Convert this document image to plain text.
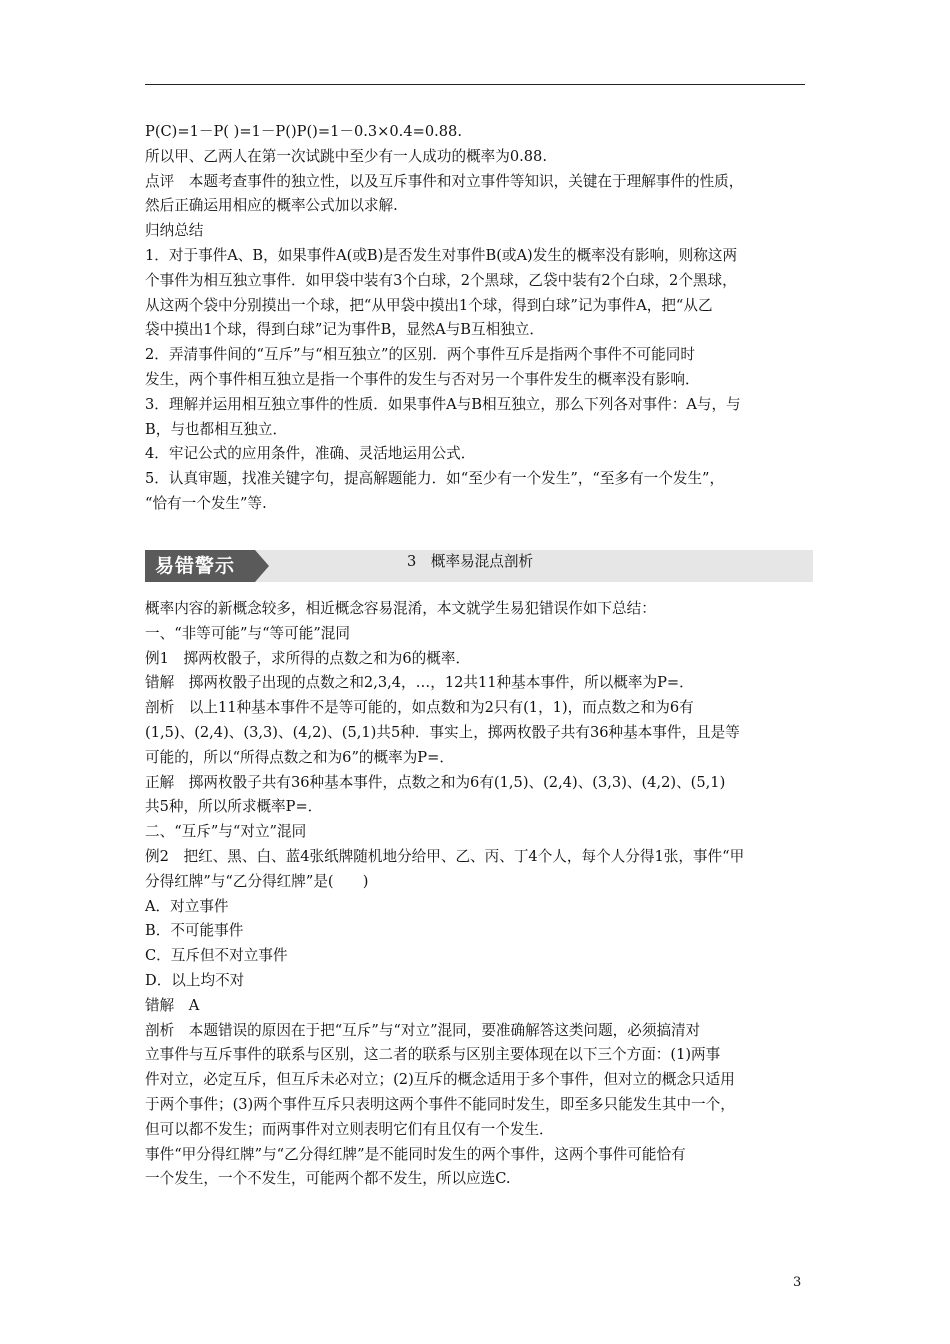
P(C)=1－P( )=1－P()P()=1－0.3×0.4=0.88.
所以甲、乙两人在第一次试跳中至少有一人成功的概率为0.88.
点评　本题考查事件的独立性，以及互斥事件和对立事件等知识，关键在于理解事件的性质，
然后正确运用相应的概率公式加以求解.
归纳总结
1．对于事件A、B，如果事件A(或B)是否发生对事件B(或A)发生的概率没有影响，则称这两
个事件为相互独立事件．如甲袋中装有3个白球，2个黑球，乙袋中装有2个白球，2个黑球，
从这两个袋中分别摸出一个球，把“从甲袋中摸出1个球，得到白球”记为事件A，把“从乙
袋中摸出1个球，得到白球”记为事件B，显然A与B互相独立．
2．弄清事件间的“互斥”与“相互独立”的区别．两个事件互斥是指两个事件不可能同时
发生，两个事件相互独立是指一个事件的发生与否对另一个事件发生的概率没有影响．
3．理解并运用相互独立事件的性质．如果事件A与B相互独立，那么下列各对事件：A与，与
B，与也都相互独立．
4．牢记公式的应用条件，准确、灵活地运用公式．
5．认真审题，找准关键字句，提高解题能力．如“至少有一个发生”，“至多有一个发生”，
“恰有一个发生”等.
易错警示	3　概率易混点剖析
概率内容的新概念较多，相近概念容易混淆，本文就学生易犯错误作如下总结：
一、“非等可能”与“等可能”混同
例1　掷两枚骰子，求所得的点数之和为6的概率．
错解　掷两枚骰子出现的点数之和2,3,4，…，12共11种基本事件，所以概率为P=．
剖析　以上11种基本事件不是等可能的，如点数和为2只有(1，1)，而点数之和为6有
(1,5)、(2,4)、(3,3)、(4,2)、(5,1)共5种．事实上，掷两枚骰子共有36种基本事件，且是等
可能的，所以“所得点数之和为6”的概率为P=．
正解　掷两枚骰子共有36种基本事件，点数之和为6有(1,5)、(2,4)、(3,3)、(4,2)、(5,1)
共5种，所以所求概率P=．
二、“互斥”与“对立”混同
例2　把红、黑、白、蓝4张纸牌随机地分给甲、乙、丙、丁4个人，每个人分得1张，事件“甲
分得红牌”与“乙分得红牌”是(　　)
A．对立事件
B．不可能事件
C．互斥但不对立事件
D．以上均不对
错解　A
剖析　本题错误的原因在于把“互斥”与“对立”混同，要准确解答这类问题，必须搞清对
立事件与互斥事件的联系与区别，这二者的联系与区别主要体现在以下三个方面：(1)两事
件对立，必定互斥，但互斥未必对立；(2)互斥的概念适用于多个事件，但对立的概念只适用
于两个事件；(3)两个事件互斥只表明这两个事件不能同时发生，即至多只能发生其中一个，
但可以都不发生；而两事件对立则表明它们有且仅有一个发生．
事件“甲分得红牌”与“乙分得红牌”是不能同时发生的两个事件，这两个事件可能恰有
一个发生，一个不发生，可能两个都不发生，所以应选C.
3
